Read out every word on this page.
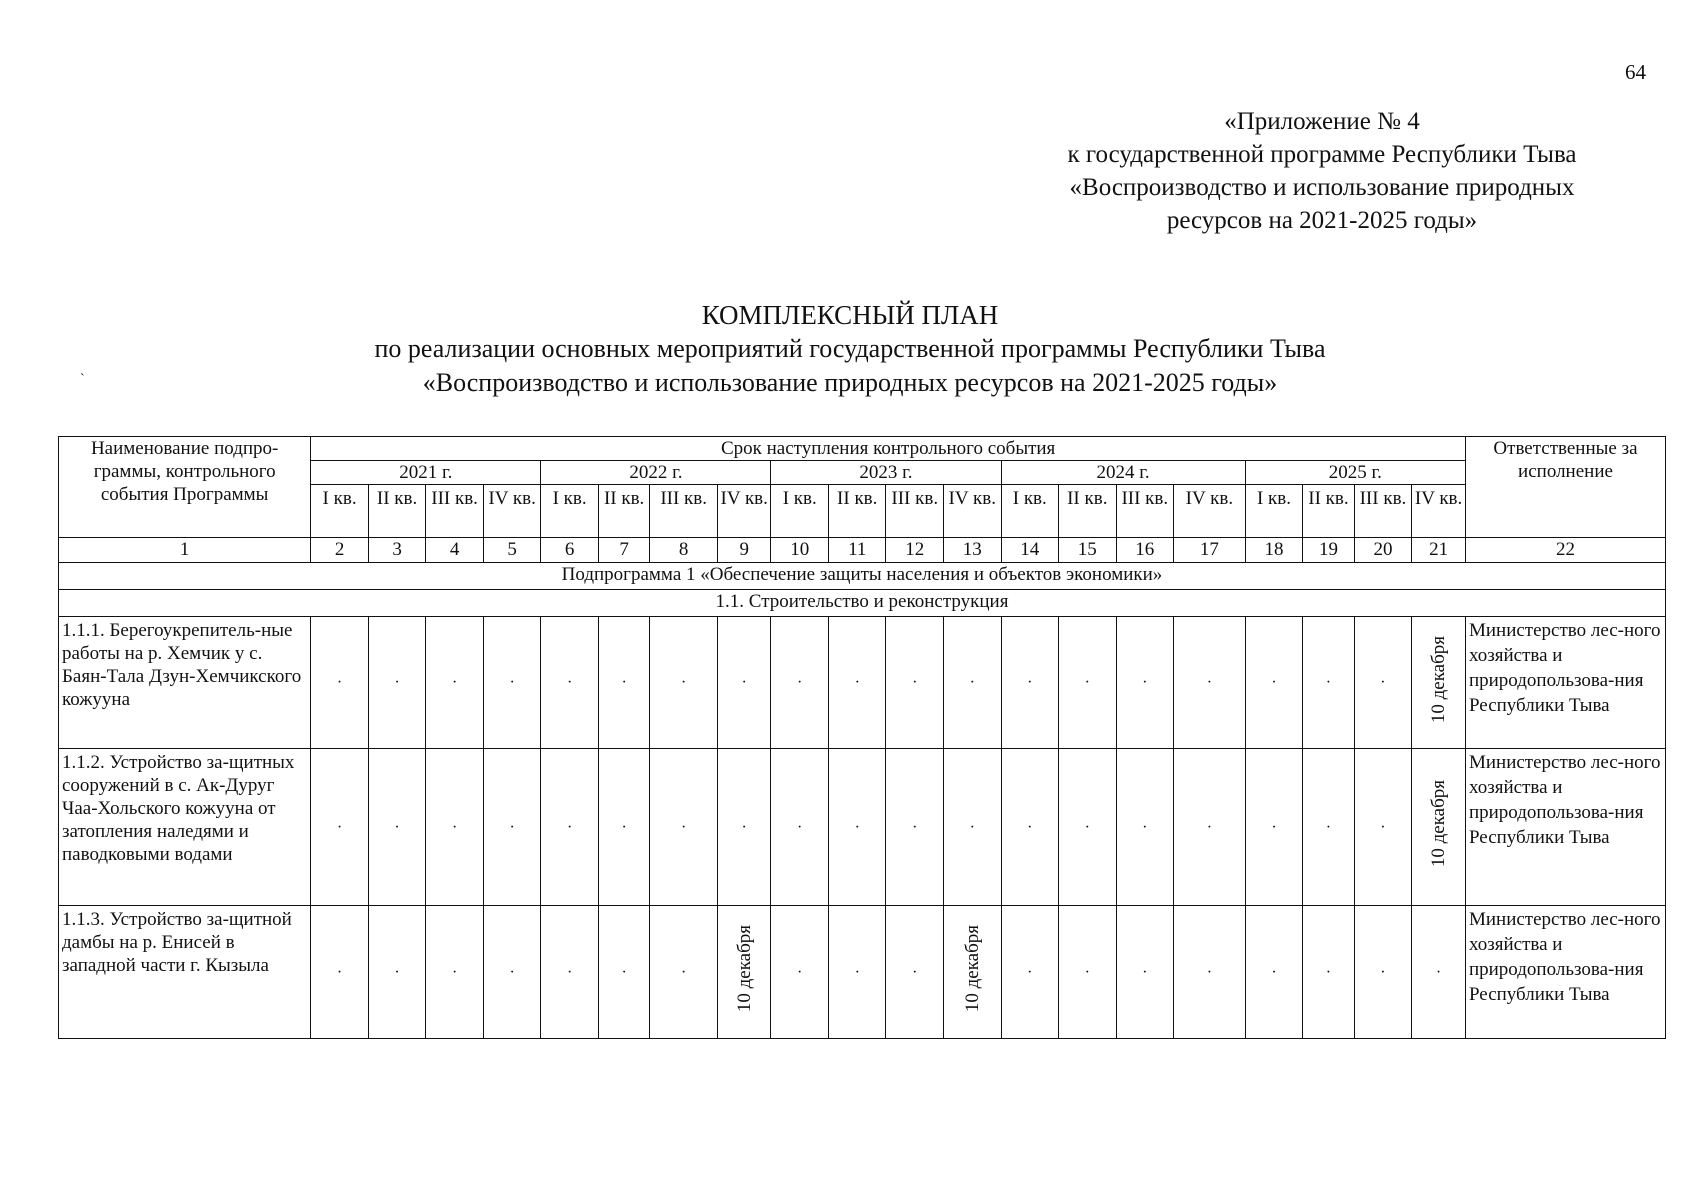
64
«Приложение № 4
к государственной программе Республики Тыва
«Воспроизводство и использование природных
ресурсов на 2021-2025 годы»
`
КОМПЛЕКСНЫЙ ПЛАН
по реализации основных мероприятий государственной программы Республики Тыва
«Воспроизводство и использование природных ресурсов на 2021-2025 годы»
Наименование подпро-граммы, контрольного события Программы	Срок наступления контрольного события																				Ответственные за исполнение
	2021 г.				2022 г.				2023 г.				2024 г.				2025 г.				
	I кв.	II кв.	III кв.	IV кв.	I кв.	II кв.	III кв.	IV кв.	I кв.	II кв.	III кв.	IV кв.	I кв.	II кв.	III кв.	IV кв.	I кв.	II кв.	III кв.	IV кв.	
1	2	3	4	5	6	7	8	9	10	11	12	13	14	15	16	17	18	19	20	21	22
Подпрограмма 1 «Обеспечение защиты населения и объектов экономики»																					
1.1. Строительство и реконструкция																					
1.1.1. Берегоукрепитель-ные работы на р. Хемчик у с. Баян-Тала Дзун-Хемчикского кожууна	·	·	·	·	·	·	·	·	·	·	·	·	·	·	·	·	·	·	·	10 декабря	Министерство лес-ного хозяйства и природопользова-ния Республики Тыва
1.1.2. Устройство за-щитных сооружений в с. Ак-Дуруг Чаа-Хольского кожууна от затопления наледями и паводковыми водами	·	·	·	·	·	·	·	·	·	·	·	·	·	·	·	·	·	·	·	10 декабря	Министерство лес-ного хозяйства и природопользова-ния Республики Тыва
1.1.3. Устройство за-щитной дамбы на р. Енисей в западной части г. Кызыла	·	·	·	·	·	·	·	10 декабря	·	·	·	10 декабря	·	·	·	·	·	·	·	·	Министерство лес-ного хозяйства и природопользова-ния Республики Тыва
